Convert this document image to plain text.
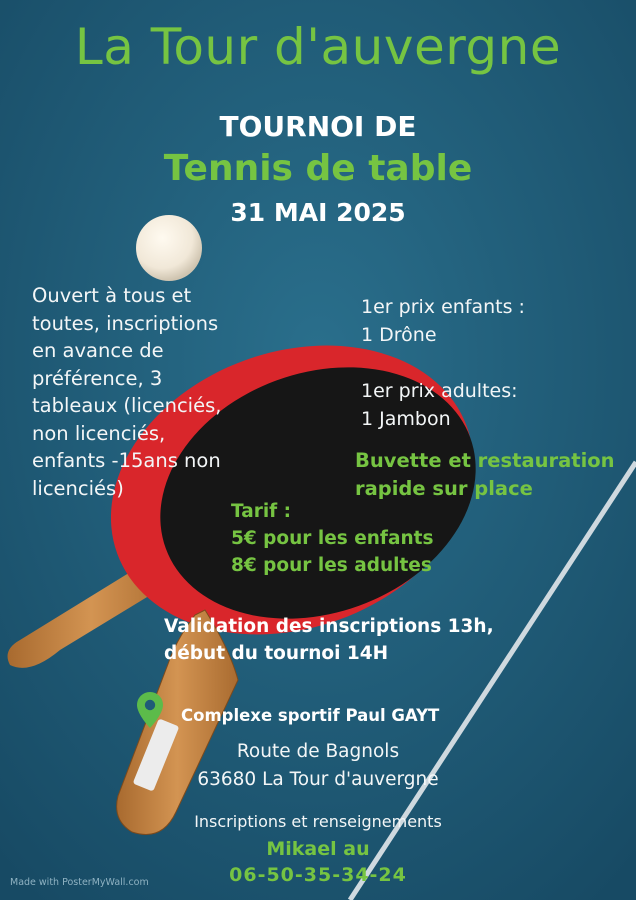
La Tour d'auvergne
TOURNOI DE
Tennis de table
31 MAI 2025
Ouvert à tous et
toutes, inscriptions
en avance de
préférence, 3
tableaux (licenciés,
non licenciés,
enfants -15ans non
licenciés)
1er prix enfants :
1 Drône
1er prix adultes:
1 Jambon
Buvette et restauration
rapide sur place
Tarif :
5€ pour les enfants
8€ pour les adultes
Validation des inscriptions 13h,
début du tournoi 14H
Complexe sportif Paul GAYT
Route de Bagnols
63680 La Tour d'auvergne
Inscriptions et renseignements
Mikael au
06-50-35-34-24
Made with PosterMyWall.com
